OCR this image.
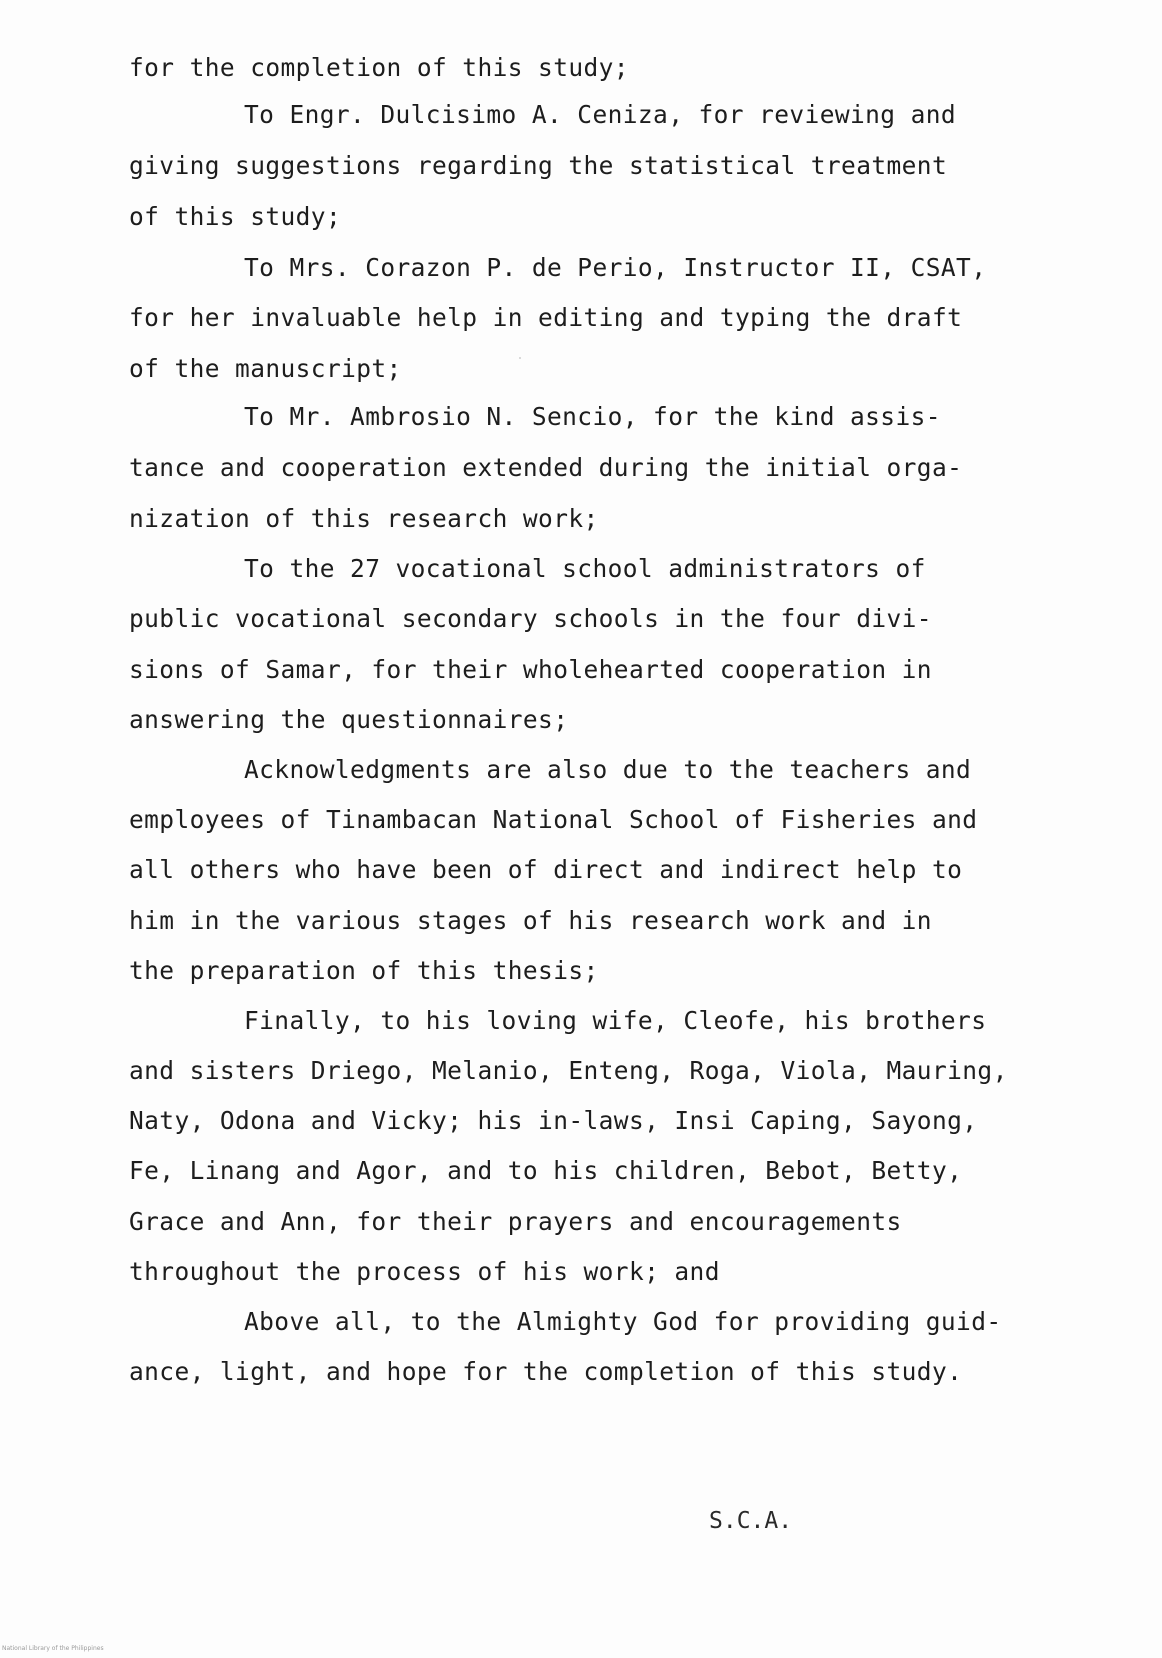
for the completion of this study;

To Engr. Dulcisimo A. Ceniza, for reviewing and

giving suggestions regarding the statistical treatment

of this study;

To Mrs. Corazon P. de Perio, Instructor II, CSAT,

for her invaluable help in editing and typing the draft

of the manuscript;

To Mr. Ambrosio N. Sencio, for the kind assis-

tance and cooperation extended during the initial orga-

nization of this research work;

To the 27 vocational school administrators of

public vocational secondary schools in the four divi-

sions of Samar, for their wholehearted cooperation in

answering the questionnaires;

Acknowledgments are also due to the teachers and

employees of Tinambacan National School of Fisheries and

all others who have been of direct and indirect help to

him in the various stages of his research work and in

the preparation of this thesis;

Finally, to his loving wife, Cleofe, his brothers

and sisters Driego, Melanio, Enteng, Roga, Viola, Mauring,

Naty, Odona and Vicky; his in-laws, Insi Caping, Sayong,

Fe, Linang and Agor, and to his children, Bebot, Betty,

Grace and Ann, for their prayers and encouragements

throughout the process of his work; and

Above all, to the Almighty God for providing guid-

ance, light, and hope for the completion of this study.

S.C.A.

National Library of the Philippines
